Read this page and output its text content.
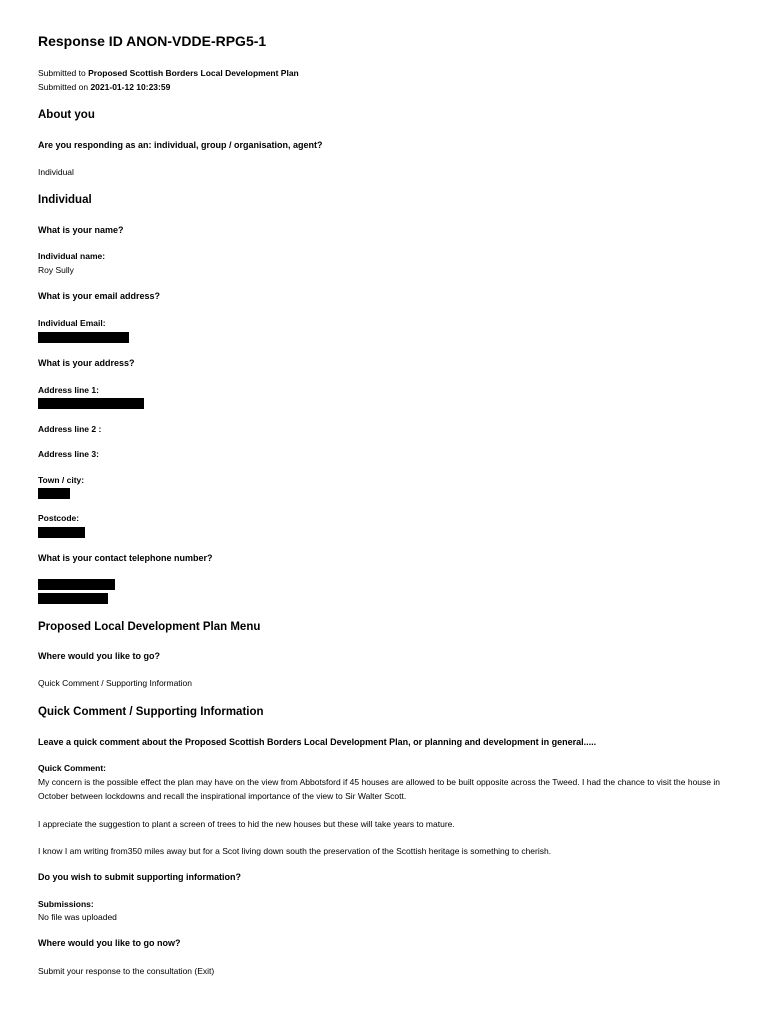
Response ID ANON-VDDE-RPG5-1
Submitted to Proposed Scottish Borders Local Development Plan
Submitted on 2021-01-12 10:23:59
About you
Are you responding as an: individual, group / organisation, agent?
Individual
Individual
What is your name?
Individual name:
Roy Sully
What is your email address?
Individual Email:
What is your address?
Address line 1:
Address line 2 :
Address line 3:
Town / city:
Postcode:
What is your contact telephone number?
Proposed Local Development Plan Menu
Where would you like to go?
Quick Comment / Supporting Information
Quick Comment / Supporting Information
Leave a quick comment about the Proposed Scottish Borders Local Development Plan, or planning and development in general.....
Quick Comment:
My concern is the possible effect the plan may have on the view from Abbotsford if 45 houses are allowed to be built opposite across the Tweed. I had the chance to visit the house in October between lockdowns and recall the inspirational importance of the view to Sir Walter Scott.
I appreciate the suggestion to plant a screen of trees to hid the new houses but these will take years to mature.
I know I am writing from350 miles away but for a Scot living down south the preservation of the Scottish heritage is something to cherish.
Do you wish to submit supporting information?
Submissions:
No file was uploaded
Where would you like to go now?
Submit your response to the consultation (Exit)
